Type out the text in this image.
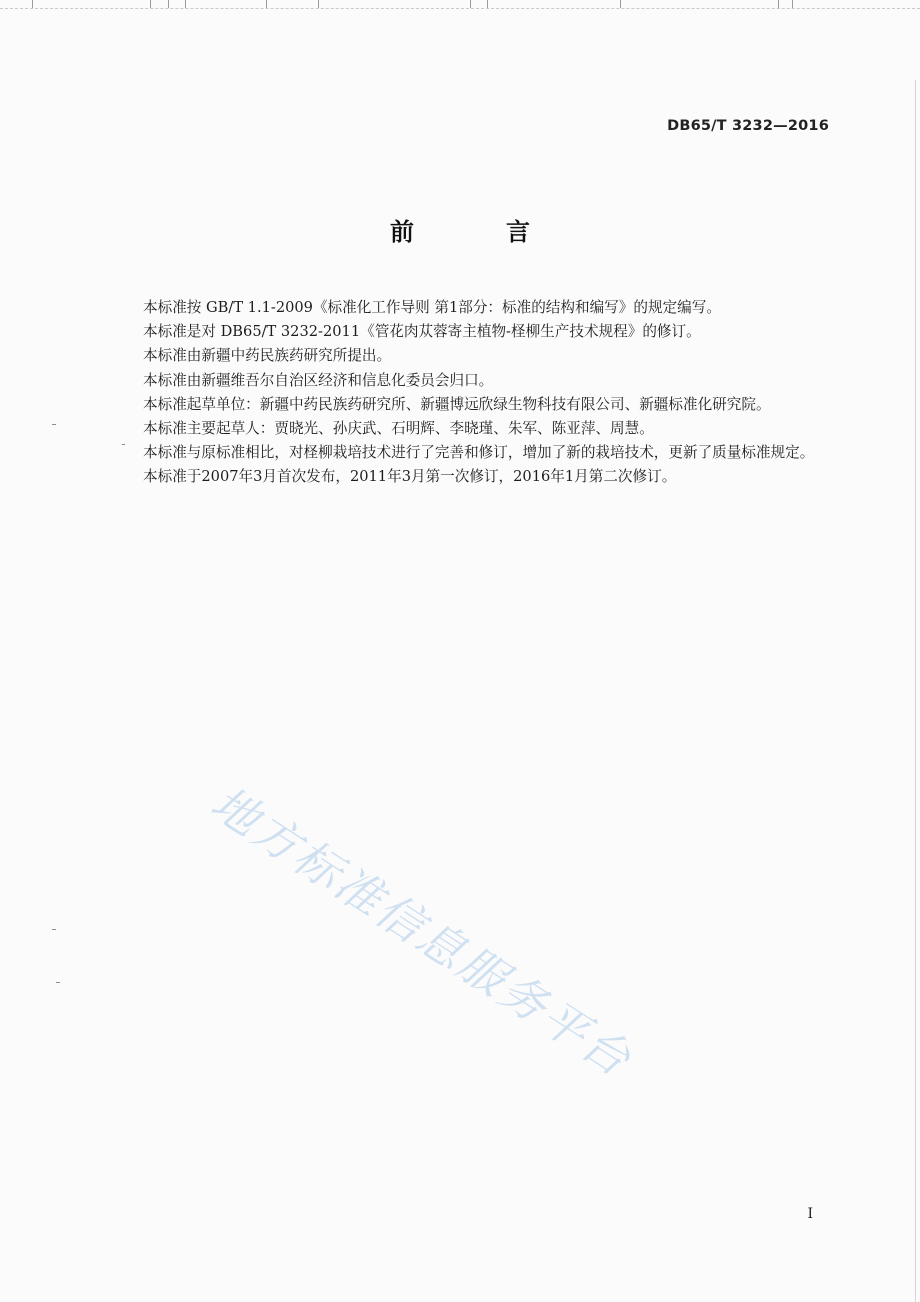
DB65/T 3232—2016
前　言

本标准按 GB/T 1.1-2009《标准化工作导则 第1部分：标准的结构和编写》的规定编写。

本标准是对 DB65/T 3232-2011《管花肉苁蓉寄主植物-柽柳生产技术规程》的修订。

本标准由新疆中药民族药研究所提出。

本标准由新疆维吾尔自治区经济和信息化委员会归口。

本标准起草单位：新疆中药民族药研究所、新疆博远欣绿生物科技有限公司、新疆标准化研究院。

本标准主要起草人：贾晓光、孙庆武、石明辉、李晓瑾、朱军、陈亚萍、周慧。

本标准与原标准相比，对柽柳栽培技术进行了完善和修订，增加了新的栽培技术，更新了质量标准规定。

本标准于2007年3月首次发布，2011年3月第一次修订，2016年1月第二次修订。

地方标准信息服务平台
I
